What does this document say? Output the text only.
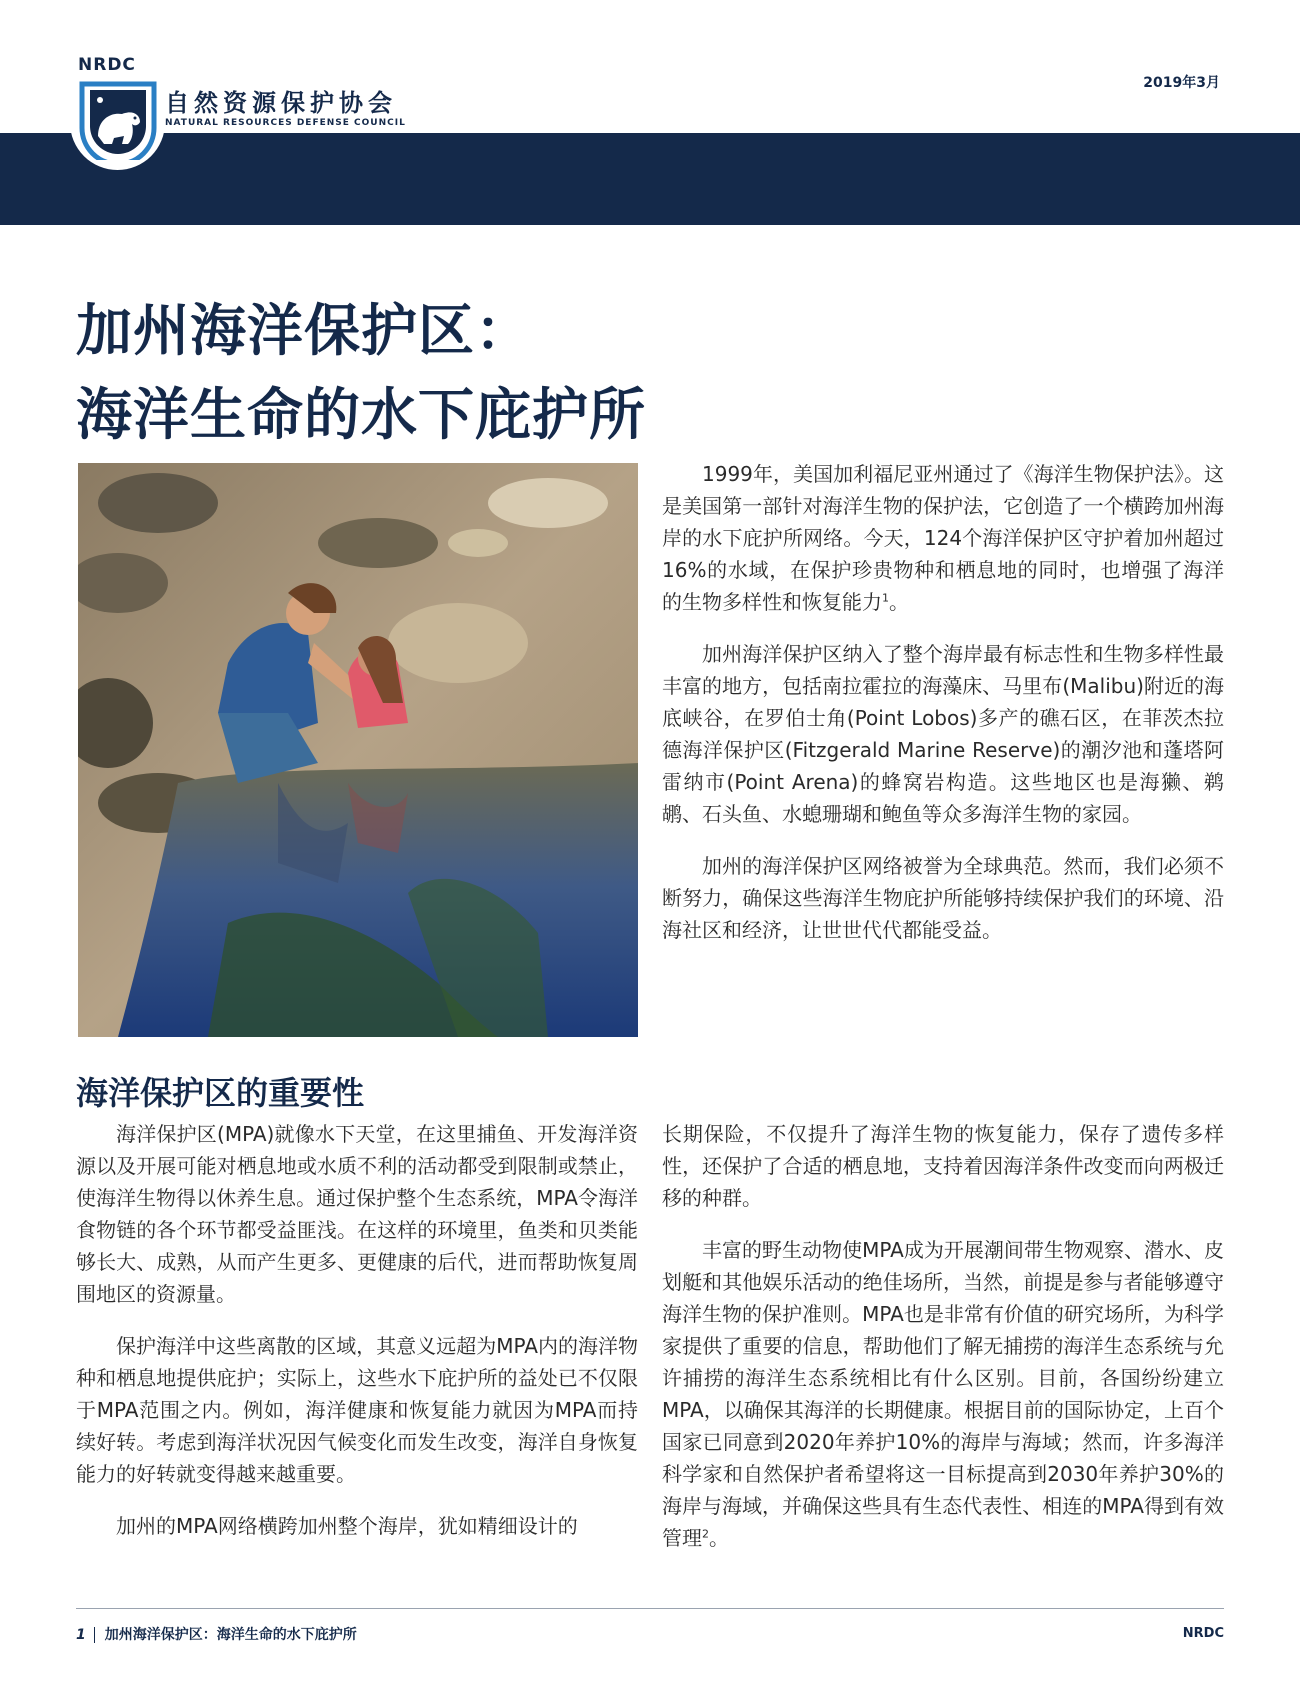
NRDC
自然资源保护协会
NATURAL RESOURCES DEFENSE COUNCIL
2019年3月
加州海洋保护区：
海洋生命的水下庇护所

1999年，美国加利福尼亚州通过了《海洋生物保护法》。这是美国第一部针对海洋生物的保护法，它创造了一个横跨加州海岸的水下庇护所网络。今天，124个海洋保护区守护着加州超过16%的水域，在保护珍贵物种和栖息地的同时，也增强了海洋的生物多样性和恢复能力$^1$。

加州海洋保护区纳入了整个海岸最有标志性和生物多样性最丰富的地方，包括南拉霍拉的海藻床、马里布(Malibu)附近的海底峡谷，在罗伯士角(Point Lobos)多产的礁石区，在菲茨杰拉德海洋保护区(Fitzgerald Marine Reserve)的潮汐池和蓬塔阿雷纳市(Point Arena)的蜂窝岩构造。这些地区也是海獭、鹈鹕、石头鱼、水螅珊瑚和鲍鱼等众多海洋生物的家园。

加州的海洋保护区网络被誉为全球典范。然而，我们必须不断努力，确保这些海洋生物庇护所能够持续保护我们的环境、沿海社区和经济，让世世代代都能受益。

海洋保护区的重要性

海洋保护区(MPA)就像水下天堂，在这里捕鱼、开发海洋资源以及开展可能对栖息地或水质不利的活动都受到限制或禁止，使海洋生物得以休养生息。通过保护整个生态系统，MPA令海洋食物链的各个环节都受益匪浅。在这样的环境里，鱼类和贝类能够长大、成熟，从而产生更多、更健康的后代，进而帮助恢复周围地区的资源量。

保护海洋中这些离散的区域，其意义远超为MPA内的海洋物种和栖息地提供庇护；实际上，这些水下庇护所的益处已不仅限于MPA范围之内。例如，海洋健康和恢复能力就因为MPA而持续好转。考虑到海洋状况因气候变化而发生改变，海洋自身恢复能力的好转就变得越来越重要。

加州的MPA网络横跨加州整个海岸，犹如精细设计的

长期保险，不仅提升了海洋生物的恢复能力，保存了遗传多样性，还保护了合适的栖息地，支持着因海洋条件改变而向两极迁移的种群。

丰富的野生动物使MPA成为开展潮间带生物观察、潜水、皮划艇和其他娱乐活动的绝佳场所，当然，前提是参与者能够遵守海洋生物的保护准则。MPA也是非常有价值的研究场所，为科学家提供了重要的信息，帮助他们了解无捕捞的海洋生态系统与允许捕捞的海洋生态系统相比有什么区别。目前，各国纷纷建立MPA，以确保其海洋的长期健康。根据目前的国际协定，上百个国家已同意到2020年养护10%的海岸与海域；然而，许多海洋科学家和自然保护者希望将这一目标提高到2030年养护30%的海岸与海域，并确保这些具有生态代表性、相连的MPA得到有效管理$^2$。

1 加州海洋保护区：海洋生命的水下庇护所	NRDC
